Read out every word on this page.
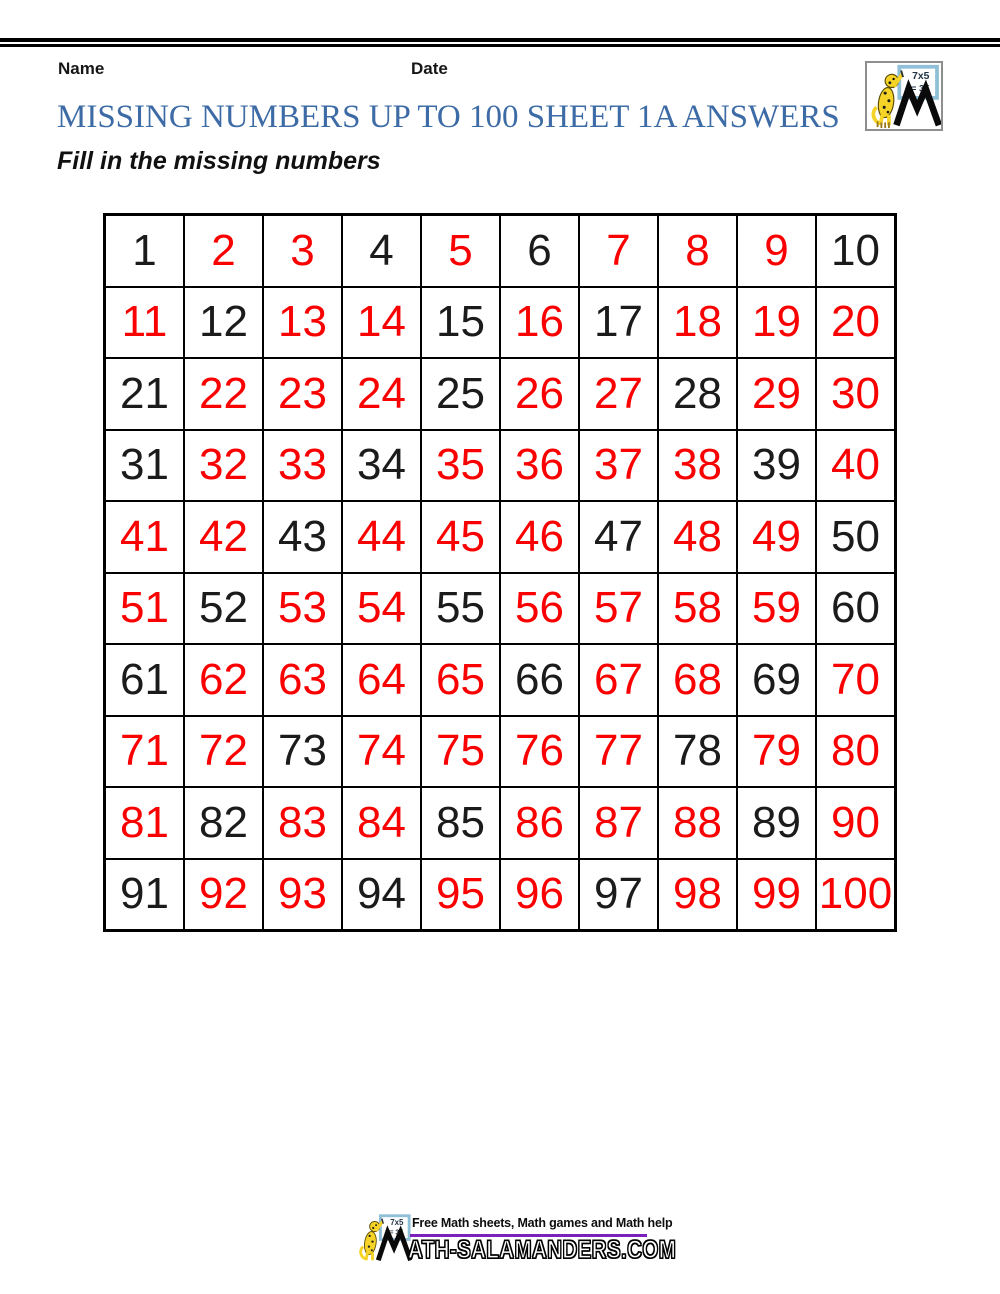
Name	Date	7x5
= 35
MISSING NUMBERS UP TO 100 SHEET 1A ANSWERS
Fill in the missing numbers
1	2	3	4	5	6	7	8	9 10
11 12 13 14 15 16 17 18 19 20
21 22 23 24 25 26 27 28 29 30
31 32 33 34 35 36 37 38 39 40
41 42 43 44 45 46 47 48 49 50
51 52 53 54 55 56 57 58 59 60
61 62 63 64 65 66 67 68 69 70
71 72 73 74 75 76 77 78 79 80
81 82 83 84 85 86 87 88 89 90
91 92 93 94 95 96 97 98 99 100
7x5
= 35
Free Math sheets, Math games and Math help
ATH-SALAMANDERS.COM
